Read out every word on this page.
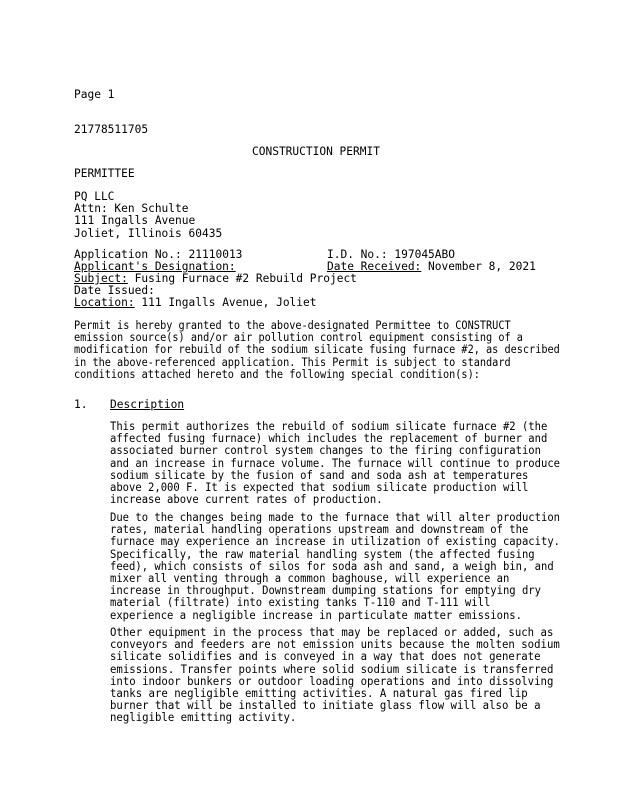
Page 1
21778511705
CONSTRUCTION PERMIT
PERMITTEE
PQ LLC
Attn: Ken Schulte
111 Ingalls Avenue
Joliet, Illinois 60435
Application No.: 21110013	I.D. No.: 197045ABO
Applicant's Designation:	Date Received: November 8, 2021
Subject: Fusing Furnace #2 Rebuild Project
Date Issued:
Location: 111 Ingalls Avenue, Joliet
Permit is hereby granted to the above-designated Permittee to CONSTRUCT
emission source(s) and/or air pollution control equipment consisting of a
modification for rebuild of the sodium silicate fusing furnace #2, as described
in the above-referenced application. This Permit is subject to standard
conditions attached hereto and the following special condition(s):
1. Description
This permit authorizes the rebuild of sodium silicate furnace #2 (the
affected fusing furnace) which includes the replacement of burner and
associated burner control system changes to the firing configuration
and an increase in furnace volume. The furnace will continue to produce
sodium silicate by the fusion of sand and soda ash at temperatures
above 2,000 F. It is expected that sodium silicate production will
increase above current rates of production.
Due to the changes being made to the furnace that will alter production
rates, material handling operations upstream and downstream of the
furnace may experience an increase in utilization of existing capacity.
Specifically, the raw material handling system (the affected fusing
feed), which consists of silos for soda ash and sand, a weigh bin, and
mixer all venting through a common baghouse, will experience an
increase in throughput. Downstream dumping stations for emptying dry
material (filtrate) into existing tanks T-110 and T-111 will
experience a negligible increase in particulate matter emissions.
Other equipment in the process that may be replaced or added, such as
conveyors and feeders are not emission units because the molten sodium
silicate solidifies and is conveyed in a way that does not generate
emissions. Transfer points where solid sodium silicate is transferred
into indoor bunkers or outdoor loading operations and into dissolving
tanks are negligible emitting activities. A natural gas fired lip
burner that will be installed to initiate glass flow will also be a
negligible emitting activity.
